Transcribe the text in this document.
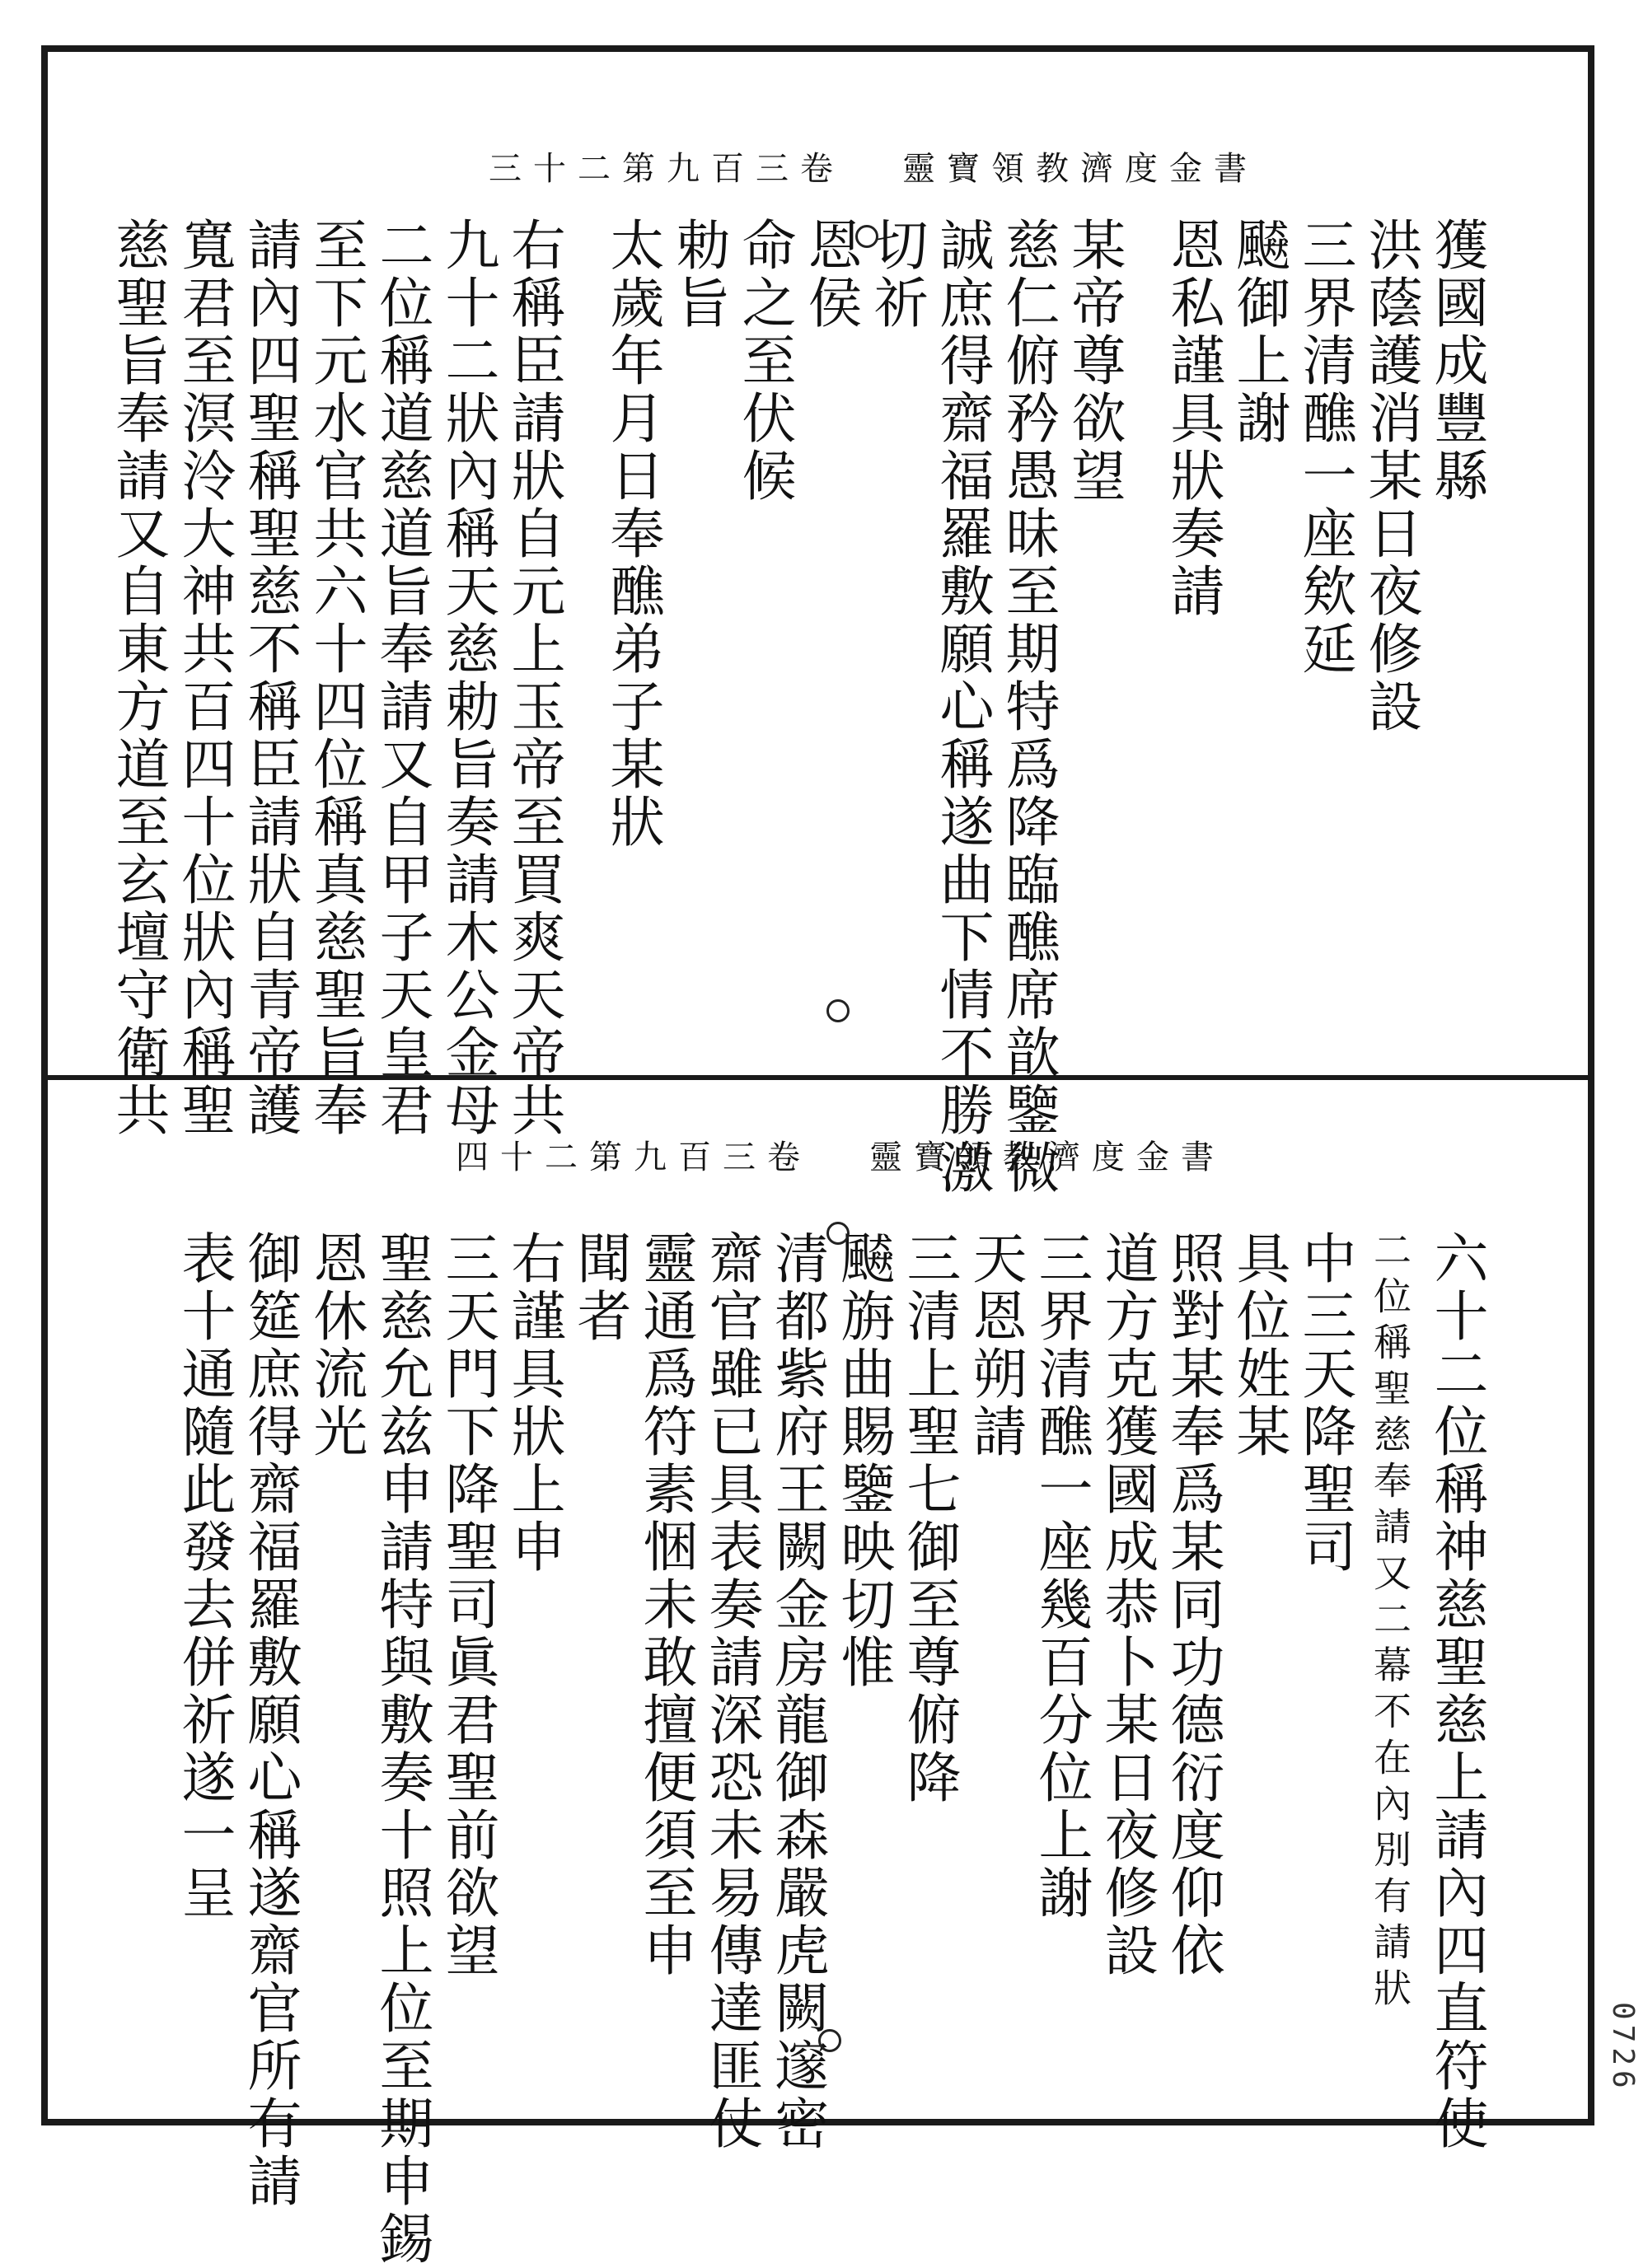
三十二第九百三卷 靈寶領教濟度金書
獲國成豐縣
洪蔭護消某日夜修設
三界清醮一座欸延
飇御上謝
恩私謹具狀奏請
某帝尊欲望
慈仁俯矜愚昧至期特爲降臨醮席歆鑒微
誠庶得齋福羅敷願心稱遂曲下情不勝激
切祈
恩侯
命之至伏候
勅旨
太歲年月日奉醮弟子某狀
右稱臣請狀自元上玉帝至買爽天帝共
九十二狀內稱天慈勅旨奏請木公金母
二位稱道慈道旨奉請又自甲子天皇君
至下元水官共六十四位稱真慈聖旨奉
請內四聖稱聖慈不稱臣請狀自青帝護
寬君至溟泠大神共百四十位狀內稱聖
慈聖旨奉請又自東方道至玄壇守衛共
四十二第九百三卷 靈寶領教濟度金書
六十二位稱神慈聖慈上請內四直符使
二位稱聖慈奉請又二幕不在內別有請狀
中三天降聖司
具位姓某
照對某奉爲某同功德衍度仰依
道方克獲國成恭卜某日夜修設
三界清醮一座幾百分位上謝
天恩朔請
三清上聖七御至尊俯降
飇旃曲賜鑒映切惟
清都紫府王闕金房龍御森嚴虎闕邃密
齋官雖已具表奏請深恐未易傳達匪仗
靈通爲符素悃未敢擅便須至申
聞者
右謹具狀上申
三天門下降聖司眞君聖前欲望
聖慈允兹申請特與敷奏十照上位至期申錫
恩休流光
御筵庶得齋福羅敷願心稱遂齋官所有請
表十通隨此發去併祈遂一呈
0726
